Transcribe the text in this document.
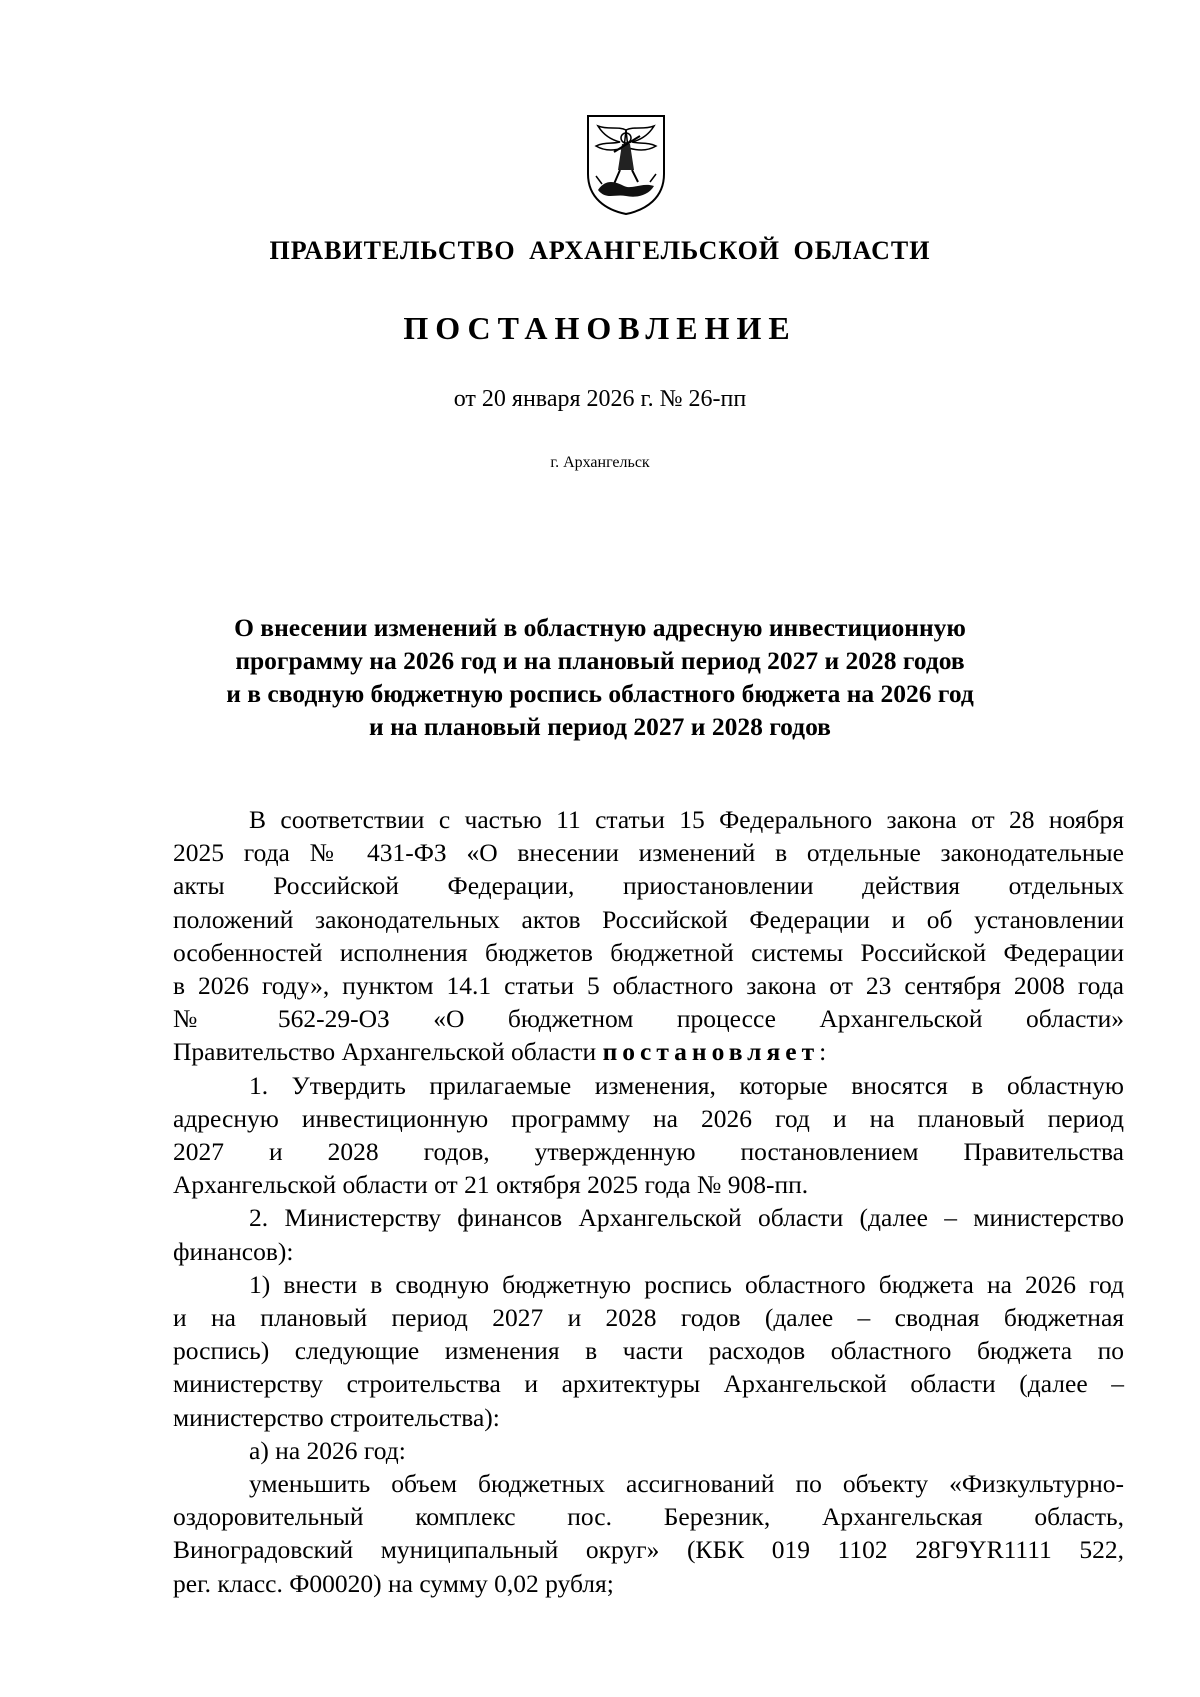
ПРАВИТЕЛЬСТВО АРХАНГЕЛЬСКОЙ ОБЛАСТИ
ПОСТАНОВЛЕНИЕ
от 20 января 2026 г. № 26-пп
г. Архангельск
О внесении изменений в областную адресную инвестиционную
программу на 2026 год и на плановый период 2027 и 2028 годов
и в сводную бюджетную роспись областного бюджета на 2026 год
и на плановый период 2027 и 2028 годов
В соответствии с частью 11 статьи 15 Федерального закона от 28 ноября
2025 года № 431-ФЗ «О внесении изменений в отдельные законодательные
акты Российской Федерации, приостановлении действия отдельных
положений законодательных актов Российской Федерации и об установлении
особенностей исполнения бюджетов бюджетной системы Российской Федерации
в 2026 году», пунктом 14.1 статьи 5 областного закона от 23 сентября 2008 года
№ 562-29-ОЗ «О бюджетном процессе Архангельской области»
Правительство Архангельской области постановляет:
1. Утвердить прилагаемые изменения, которые вносятся в областную
адресную инвестиционную программу на 2026 год и на плановый период
2027 и 2028 годов, утвержденную постановлением Правительства
Архангельской области от 21 октября 2025 года № 908-пп.
2. Министерству финансов Архангельской области (далее – министерство
финансов):
1) внести в сводную бюджетную роспись областного бюджета на 2026 год
и на плановый период 2027 и 2028 годов (далее – сводная бюджетная
роспись) следующие изменения в части расходов областного бюджета по
министерству строительства и архитектуры Архангельской области (далее –
министерство строительства):
а) на 2026 год:
уменьшить объем бюджетных ассигнований по объекту «Физкультурно-
оздоровительный комплекс пос. Березник, Архангельская область,
Виноградовский муниципальный округ» (КБК 019 1102 28Г9YR1111 522,
рег. класс. Ф00020) на сумму 0,02 рубля;
